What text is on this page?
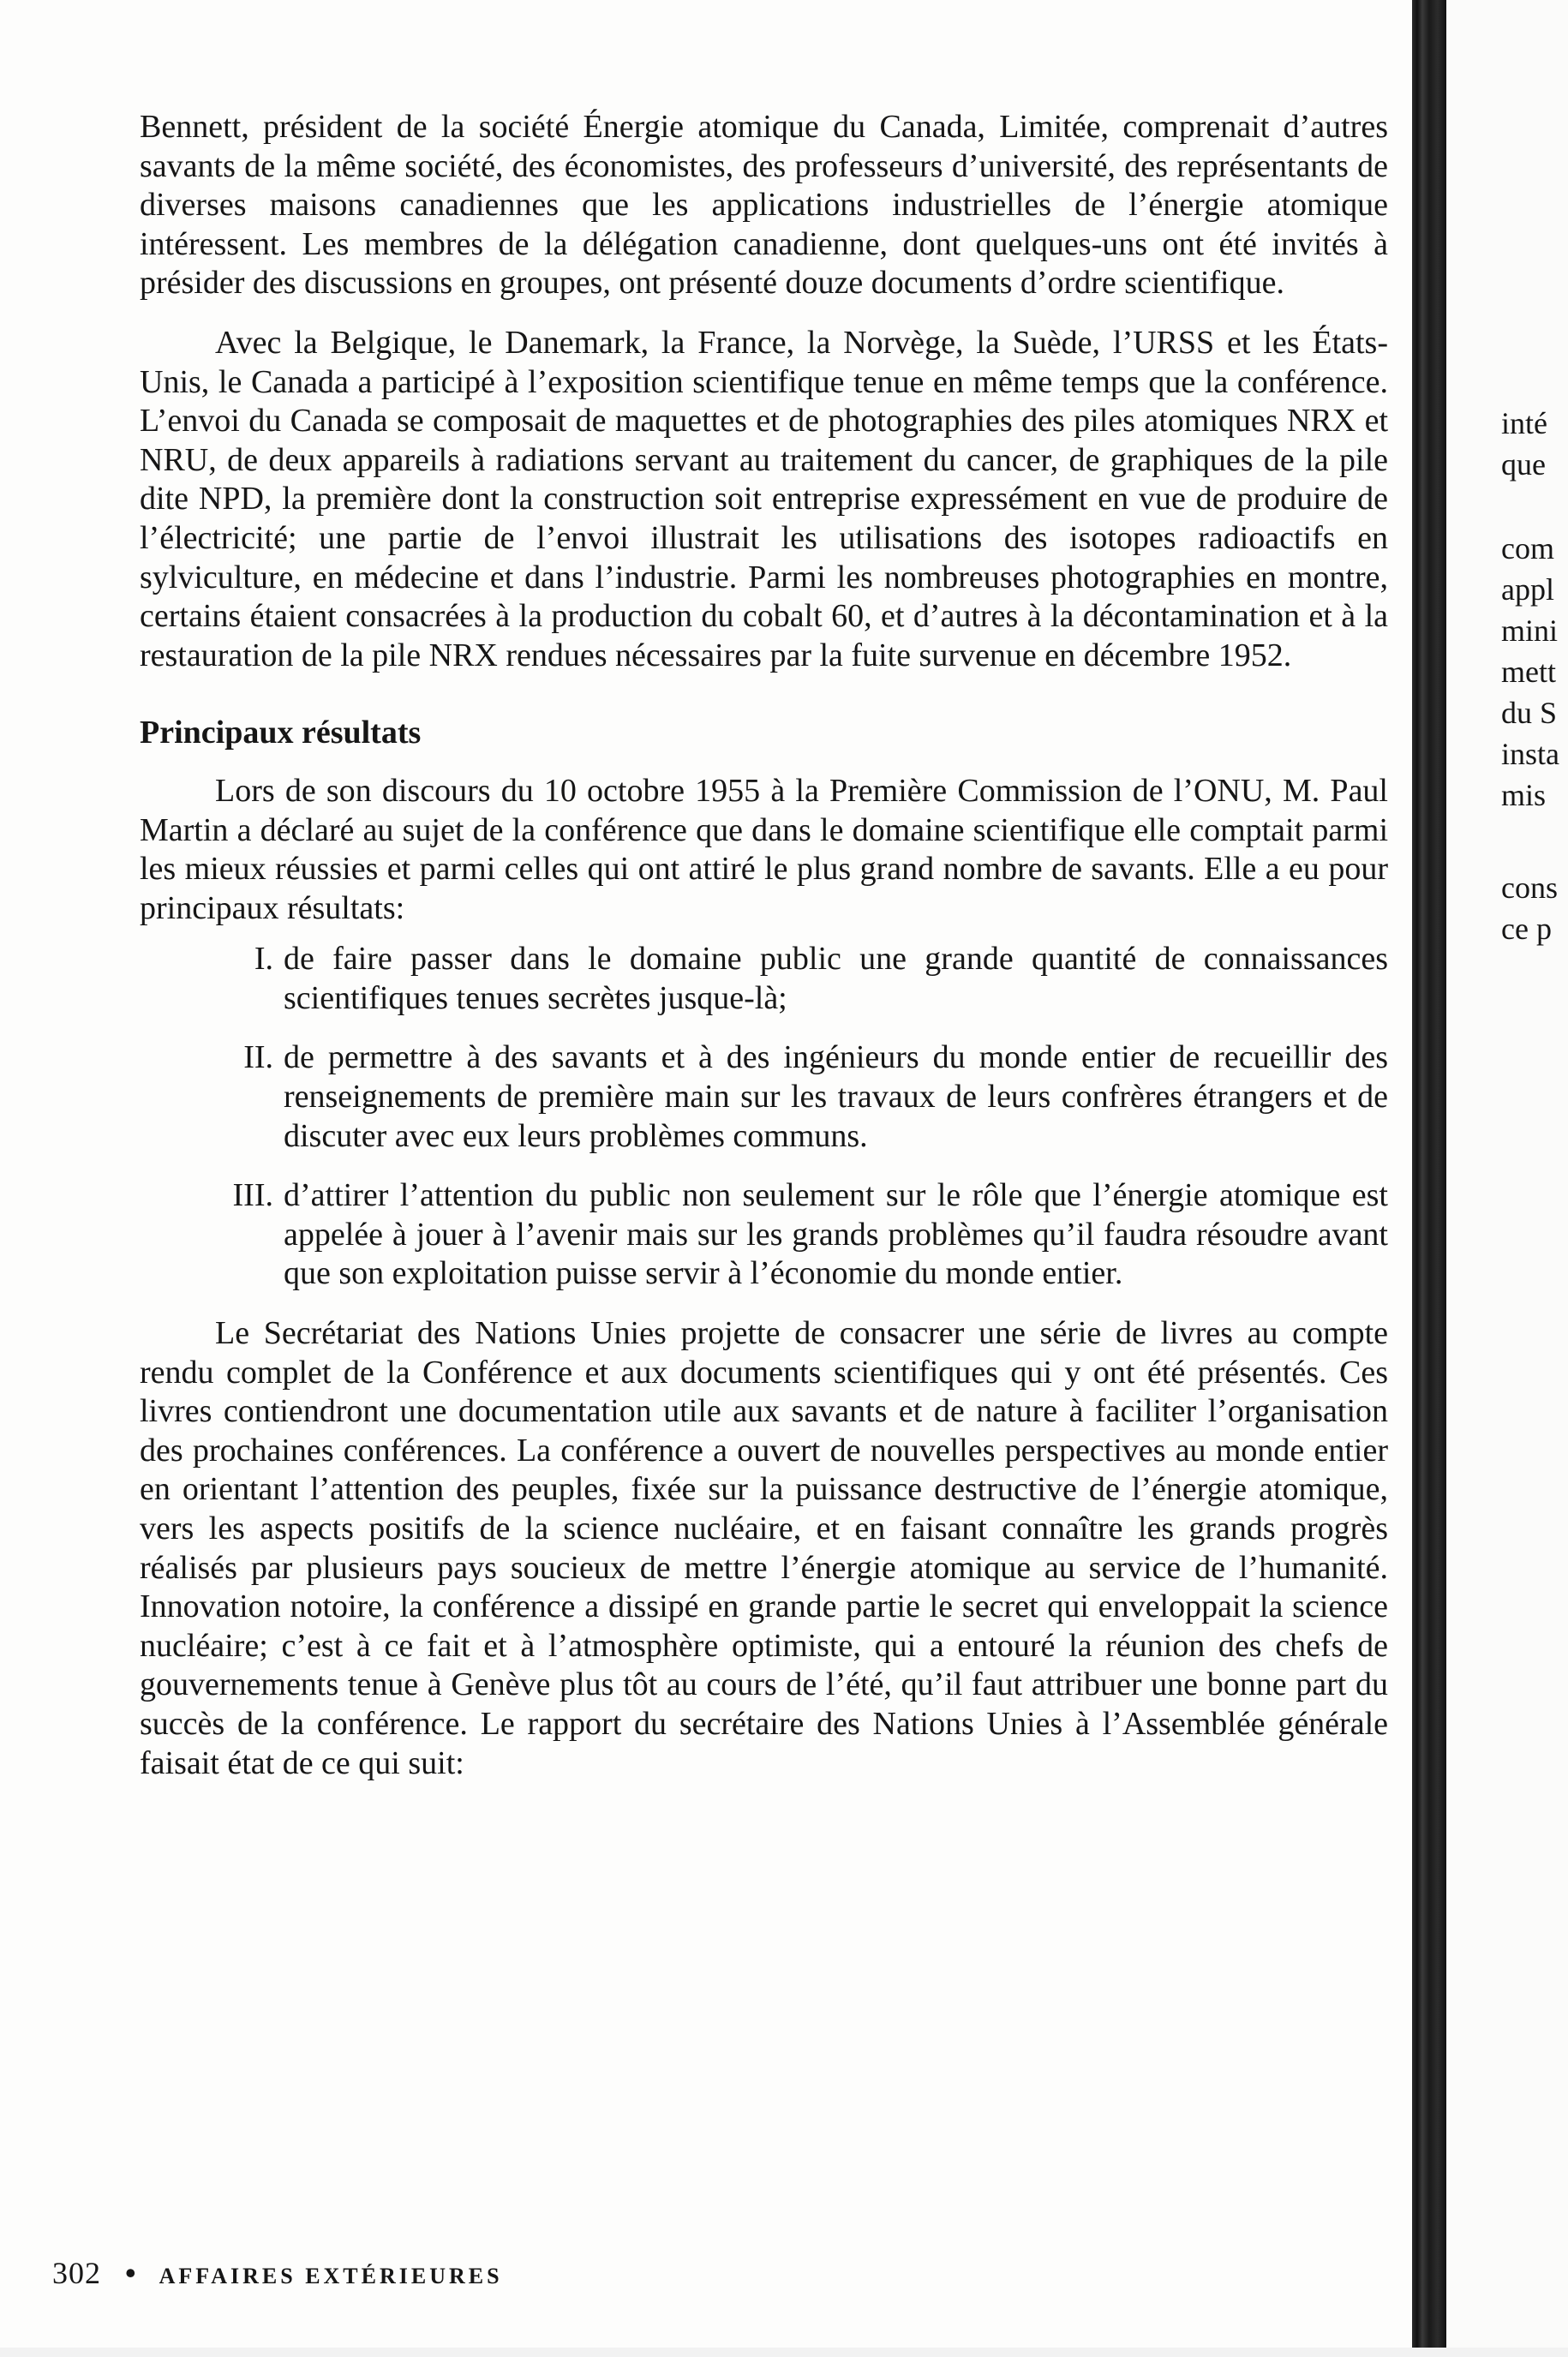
Bennett, président de la société Énergie atomique du Canada, Limitée, comprenait d’autres savants de la même société, des économistes, des professeurs d’université, des représentants de diverses maisons canadiennes que les applications industrielles de l’énergie atomique intéressent. Les membres de la délégation canadienne, dont quelques-uns ont été invités à présider des discussions en groupes, ont présenté douze documents d’ordre scientifique.

Avec la Belgique, le Danemark, la France, la Norvège, la Suède, l’URSS et les États-Unis, le Canada a participé à l’exposition scientifique tenue en même temps que la conférence. L’envoi du Canada se composait de maquettes et de photographies des piles atomiques NRX et NRU, de deux appareils à radiations servant au traitement du cancer, de graphiques de la pile dite NPD, la première dont la construction soit entreprise expressément en vue de produire de l’électricité; une partie de l’envoi illustrait les utilisations des isotopes radioactifs en sylviculture, en médecine et dans l’industrie. Parmi les nombreuses photographies en montre, certains étaient consacrées à la production du cobalt 60, et d’autres à la décontamination et à la restauration de la pile NRX rendues nécessaires par la fuite survenue en décembre 1952.

Principaux résultats

Lors de son discours du 10 octobre 1955 à la Première Commission de l’ONU, M. Paul Martin a déclaré au sujet de la conférence que dans le domaine scientifique elle comptait parmi les mieux réussies et parmi celles qui ont attiré le plus grand nombre de savants. Elle a eu pour principaux résultats:

I. de faire passer dans le domaine public une grande quantité de connaissances scientifiques tenues secrètes jusque-là;
II. de permettre à des savants et à des ingénieurs du monde entier de recueillir des renseignements de première main sur les travaux de leurs confrères étrangers et de discuter avec eux leurs problèmes communs.
III. d’attirer l’attention du public non seulement sur le rôle que l’énergie atomique est appelée à jouer à l’avenir mais sur les grands problèmes qu’il faudra résoudre avant que son exploitation puisse servir à l’économie du monde entier.

Le Secrétariat des Nations Unies projette de consacrer une série de livres au compte rendu complet de la Conférence et aux documents scientifiques qui y ont été présentés. Ces livres contiendront une documentation utile aux savants et de nature à faciliter l’organisation des prochaines conférences. La conférence a ouvert de nouvelles perspectives au monde entier en orientant l’attention des peuples, fixée sur la puissance destructive de l’énergie atomique, vers les aspects positifs de la science nucléaire, et en faisant connaître les grands progrès réalisés par plusieurs pays soucieux de mettre l’énergie atomique au service de l’humanité. Innovation notoire, la conférence a dissipé en grande partie le secret qui enveloppait la science nucléaire; c’est à ce fait et à l’atmosphère optimiste, qui a entouré la réunion des chefs de gouvernements tenue à Genève plus tôt au cours de l’été, qu’il faut attribuer une bonne part du succès de la conférence. Le rapport du secrétaire des Nations Unies à l’Assemblée générale faisait état de ce qui suit:

302 • AFFAIRES EXTÉRIEURES
inté
que
com
appl
mini
mett
du S
insta
mis
cons
ce p
